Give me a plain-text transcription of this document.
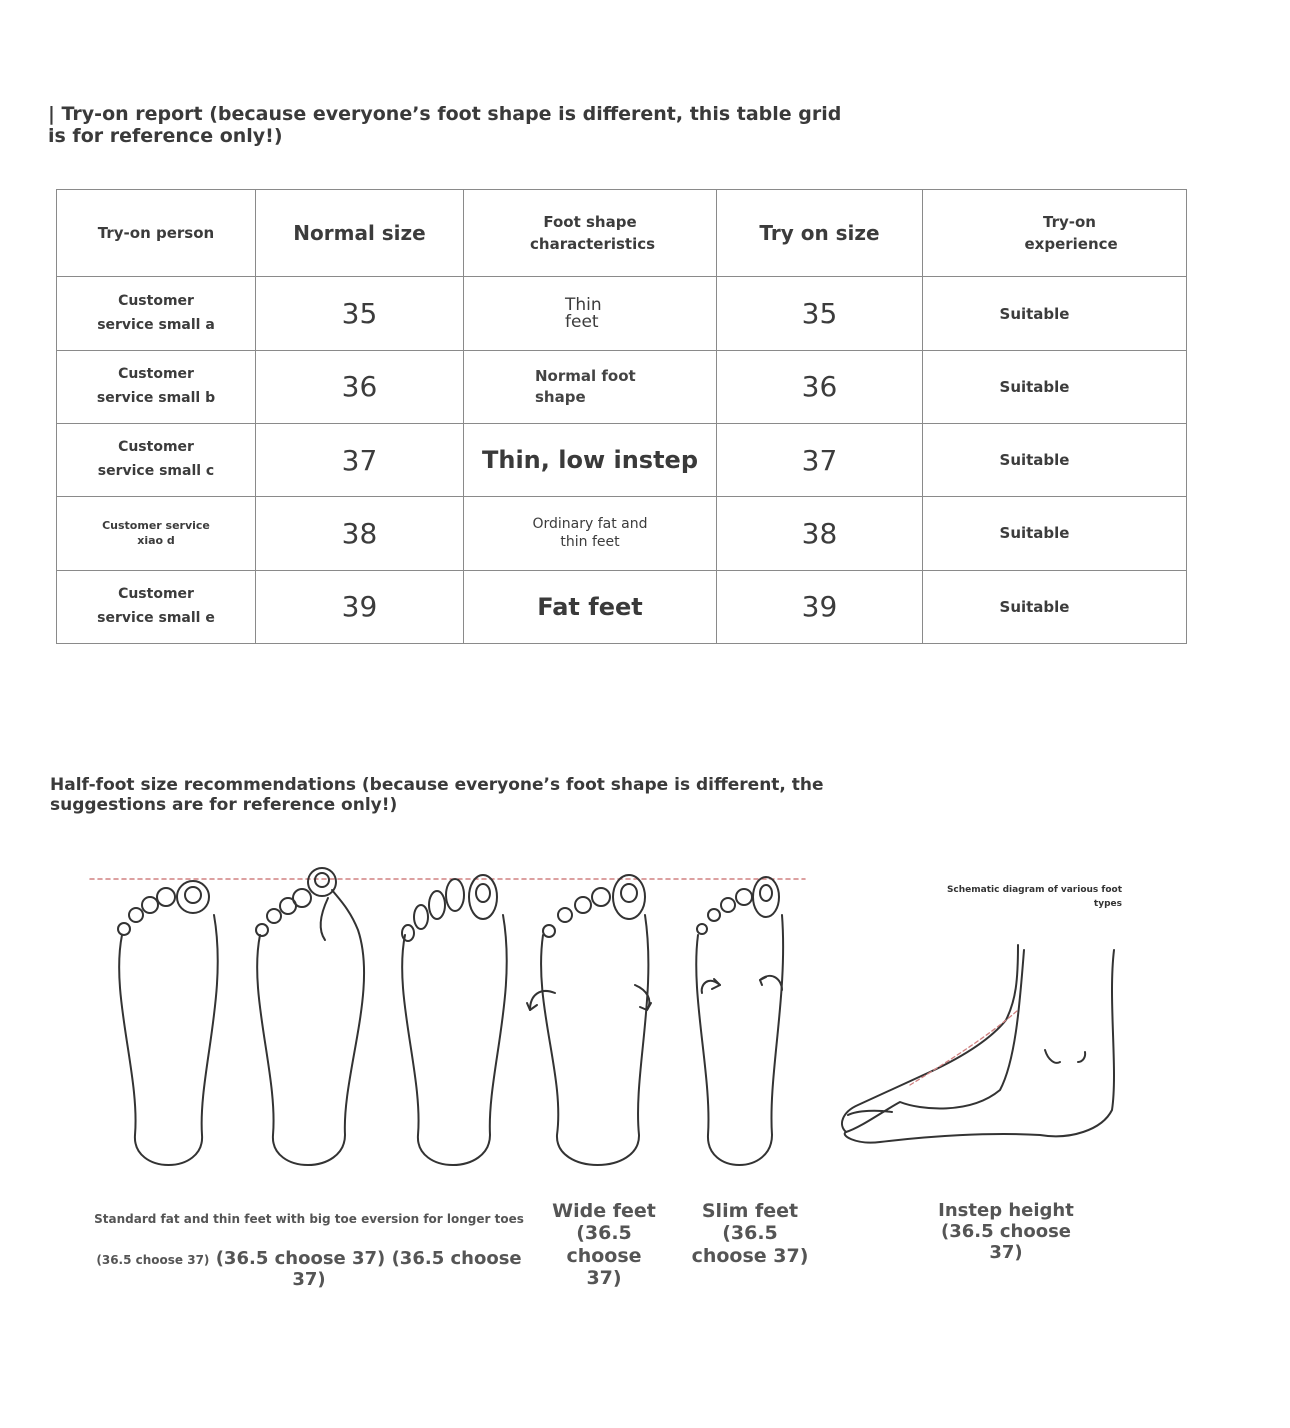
| Try-on report (because everyone’s foot shape is different, this table grid is for reference only!)
Try-on person	Normal size	Foot shape characteristics	Try on size	Try-on experience
Customer service small a	35	Thin feet	35	Suitable
Customer service small b	36	Normal foot shape	36	Suitable
Customer service small c	37	Thin, low instep	37	Suitable
Customer service xiao d	38	Ordinary fat and thin feet	38	Suitable
Customer service small e	39	Fat feet	39	Suitable
Half-foot size recommendations (because everyone’s foot shape is different, the suggestions are for reference only!)
Schematic diagram of various foot types
Standard fat and thin feet with big toe eversion for longer toes
(36.5 choose 37) (36.5 choose 37) (36.5 choose 37)
Wide feet (36.5 choose 37)
Slim feet (36.5 choose 37)
Instep height (36.5 choose 37)
